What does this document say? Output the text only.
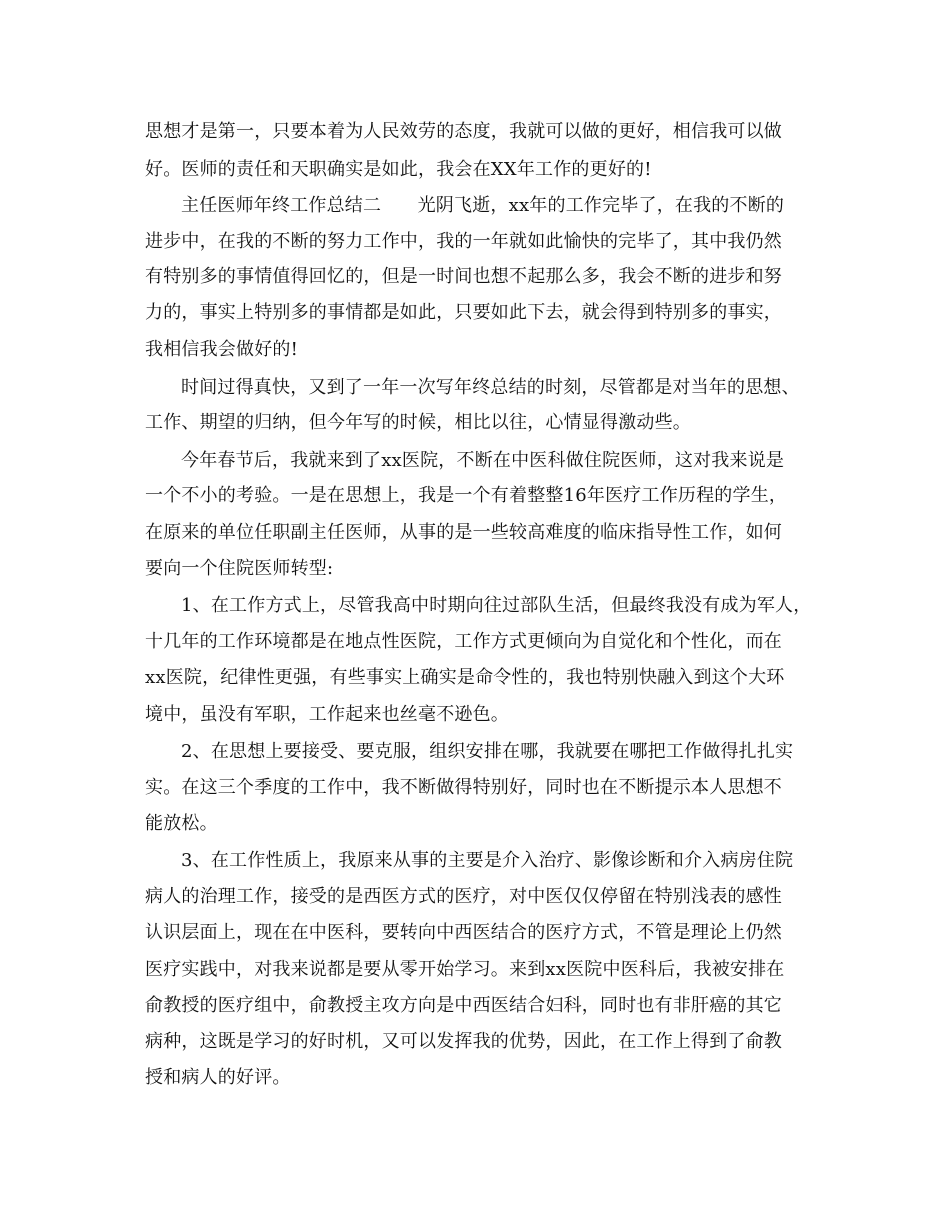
思想才是第一，只要本着为人民效劳的态度，我就可以做的更好，相信我可以做
好。医师的责任和天职确实是如此，我会在XX年工作的更好的!
主任医师年终工作总结二　　光阴飞逝，xx年的工作完毕了，在我的不断的
进步中，在我的不断的努力工作中，我的一年就如此愉快的完毕了，其中我仍然
有特别多的事情值得回忆的，但是一时间也想不起那么多，我会不断的进步和努
力的，事实上特别多的事情都是如此，只要如此下去，就会得到特别多的事实，
我相信我会做好的!
时间过得真快，又到了一年一次写年终总结的时刻，尽管都是对当年的思想、
工作、期望的归纳，但今年写的时候，相比以往，心情显得激动些。
今年春节后，我就来到了xx医院，不断在中医科做住院医师，这对我来说是
一个不小的考验。一是在思想上，我是一个有着整整16年医疗工作历程的学生，
在原来的单位任职副主任医师，从事的是一些较高难度的临床指导性工作，如何
要向一个住院医师转型:
1、在工作方式上，尽管我高中时期向往过部队生活，但最终我没有成为军人，
十几年的工作环境都是在地点性医院，工作方式更倾向为自觉化和个性化，而在
xx医院，纪律性更强，有些事实上确实是命令性的，我也特别快融入到这个大环
境中，虽没有军职，工作起来也丝毫不逊色。
2、在思想上要接受、要克服，组织安排在哪，我就要在哪把工作做得扎扎实
实。在这三个季度的工作中，我不断做得特别好，同时也在不断提示本人思想不
能放松。
3、在工作性质上，我原来从事的主要是介入治疗、影像诊断和介入病房住院
病人的治理工作，接受的是西医方式的医疗，对中医仅仅停留在特别浅表的感性
认识层面上，现在在中医科，要转向中西医结合的医疗方式，不管是理论上仍然
医疗实践中，对我来说都是要从零开始学习。来到xx医院中医科后，我被安排在
俞教授的医疗组中，俞教授主攻方向是中西医结合妇科，同时也有非肝癌的其它
病种，这既是学习的好时机，又可以发挥我的优势，因此，在工作上得到了俞教
授和病人的好评。
